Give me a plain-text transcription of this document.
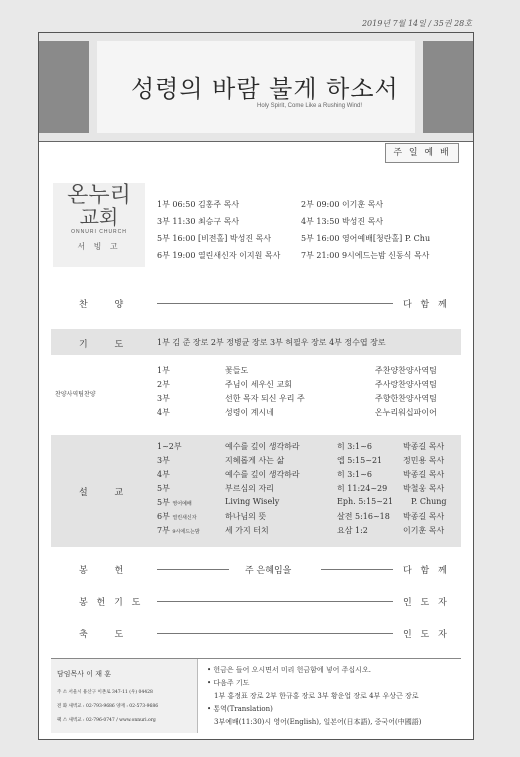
2019년 7월 14일 / 35권 28호
성령의 바람 불게 하소서
Holy Spirit, Come Like a Rushing Wind!
주 일 예 배
온누리
교회
ONNURI CHURCH
서 빙 고
1부 06:50 김홍주 목사	2부 09:00 이기훈 목사
3부 11:30 최승구 목사	4부 13:50 박성진 목사
5부 16:00 [비전홀] 박성진 목사	5부 16:00 영어예배[청란홀] P. Chu
6부 19:00 열린새신자 이지원 목사	7부 21:00 9시에드는밤 신동식 목사
찬 양	다 함 께
기 도	1부 김 준 장로 2부 정병균 장로 3부 허필우 장로 4부 정수엽 장로
찬양사역팀찬양
1부	꽃들도	주찬양찬양사역팀
2부	주님이 세우신 교회	주사랑찬양사역팀
3부	선한 목자 되신 우리 주	주향한찬양사역팀
4부	성령이 계시네	온누리워십파이어
설 교
1~2부	예수를 깊이 생각하라	히 3:1~6	박종길 목사
3부	지혜롭게 사는 삶	엡 5:15~21	정민용 목사
4부	예수를 깊이 생각하라	히 3:1~6	박종길 목사
5부	부르심의 자리	히 11:24~29 박철웅 목사
5부 영어예배	Living Wisely	Eph. 5:15~21 P. Chung
6부 열린새신자	하나님의 뜻	살전 5:16~18 박종길 목사
7부 9시에드는밤	세 가지 터치	요삼 1:2	이기훈 목사
봉 헌	주 은혜임을	다 함 께
봉 헌 기 도	인 도 자
축 도	인 도 자
담임목사 이 재 훈
주 소 서울시 용산구 이촌로 347-11 (우) 04428
전 화 새벽교 : 02-793-9686 양재 : 02-573-9686
팩 스 새벽교 : 02-796-0747 / www.onnuri.org
• 헌금은 들어 오시면서 미리 헌금함에 넣어 주십시오.
• 다음주 기도
1부 홍정표 장로 2부 한규홍 장로 3부 황운업 장로 4부 우상근 장로
• 통역(Translation)
3부예배(11:30)시 영어(English), 일본어(日本語), 중국어(中國語)
